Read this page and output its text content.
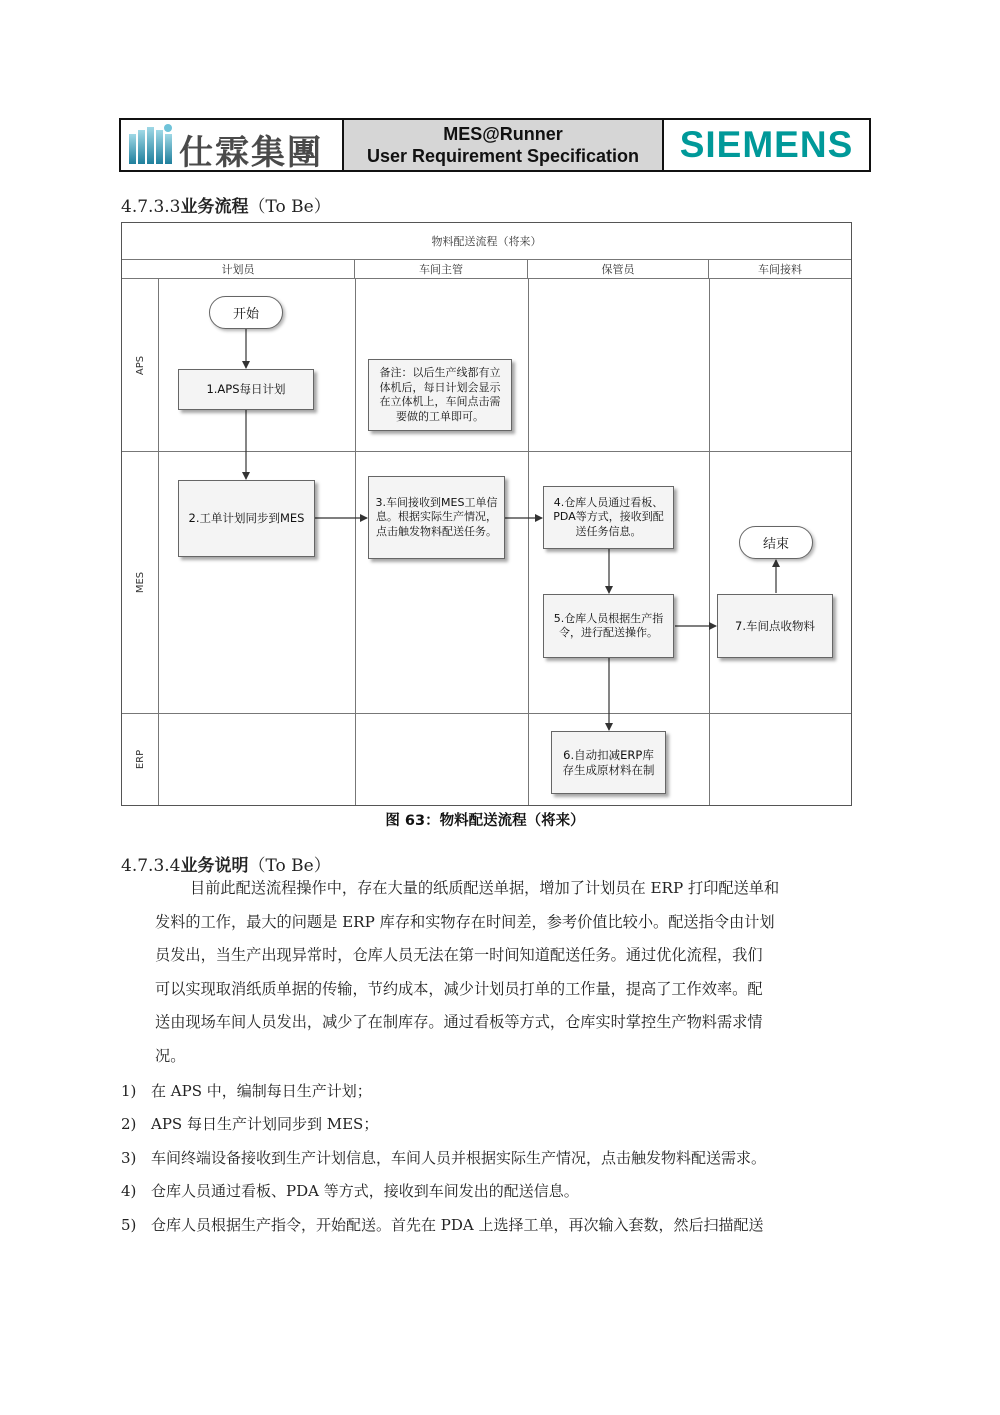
仕霖集團	MES@Runner
User Requirement Specification	SIEMENS
4.7.3.3业务流程（To Be）
物料配送流程（将来）
计划员	车间主管	保管员	车间接料
APS
MES
ERP
开始
1.APS每日计划
备注：以后生产线都有立体机后，每日计划会显示在立体机上，车间点击需要做的工单即可。
2.工单计划同步到MES
3.车间接收到MES工单信息。根据实际生产情况，点击触发物料配送任务。
4.仓库人员通过看板、PDA等方式，接收到配送任务信息。
5.仓库人员根据生产指令，进行配送操作。	7.车间点收物料
结束
6.自动扣减ERP库存生成原材料在制
图 63：物料配送流程（将来）
4.7.3.4业务说明（To Be）
目前此配送流程操作中，存在大量的纸质配送单据，增加了计划员在 ERP 打印配送单和
发料的工作，最大的问题是 ERP 库存和实物存在时间差，参考价值比较小。配送指令由计划
员发出，当生产出现异常时，仓库人员无法在第一时间知道配送任务。通过优化流程，我们
可以实现取消纸质单据的传输，节约成本，减少计划员打单的工作量，提高了工作效率。配
送由现场车间人员发出，减少了在制库存。通过看板等方式，仓库实时掌控生产物料需求情
况。
1) 在 APS 中，编制每日生产计划；
2) APS 每日生产计划同步到 MES；
3) 车间终端设备接收到生产计划信息，车间人员并根据实际生产情况，点击触发物料配送需求。
4) 仓库人员通过看板、PDA 等方式，接收到车间发出的配送信息。
5) 仓库人员根据生产指令，开始配送。首先在 PDA 上选择工单，再次输入套数，然后扫描配送
